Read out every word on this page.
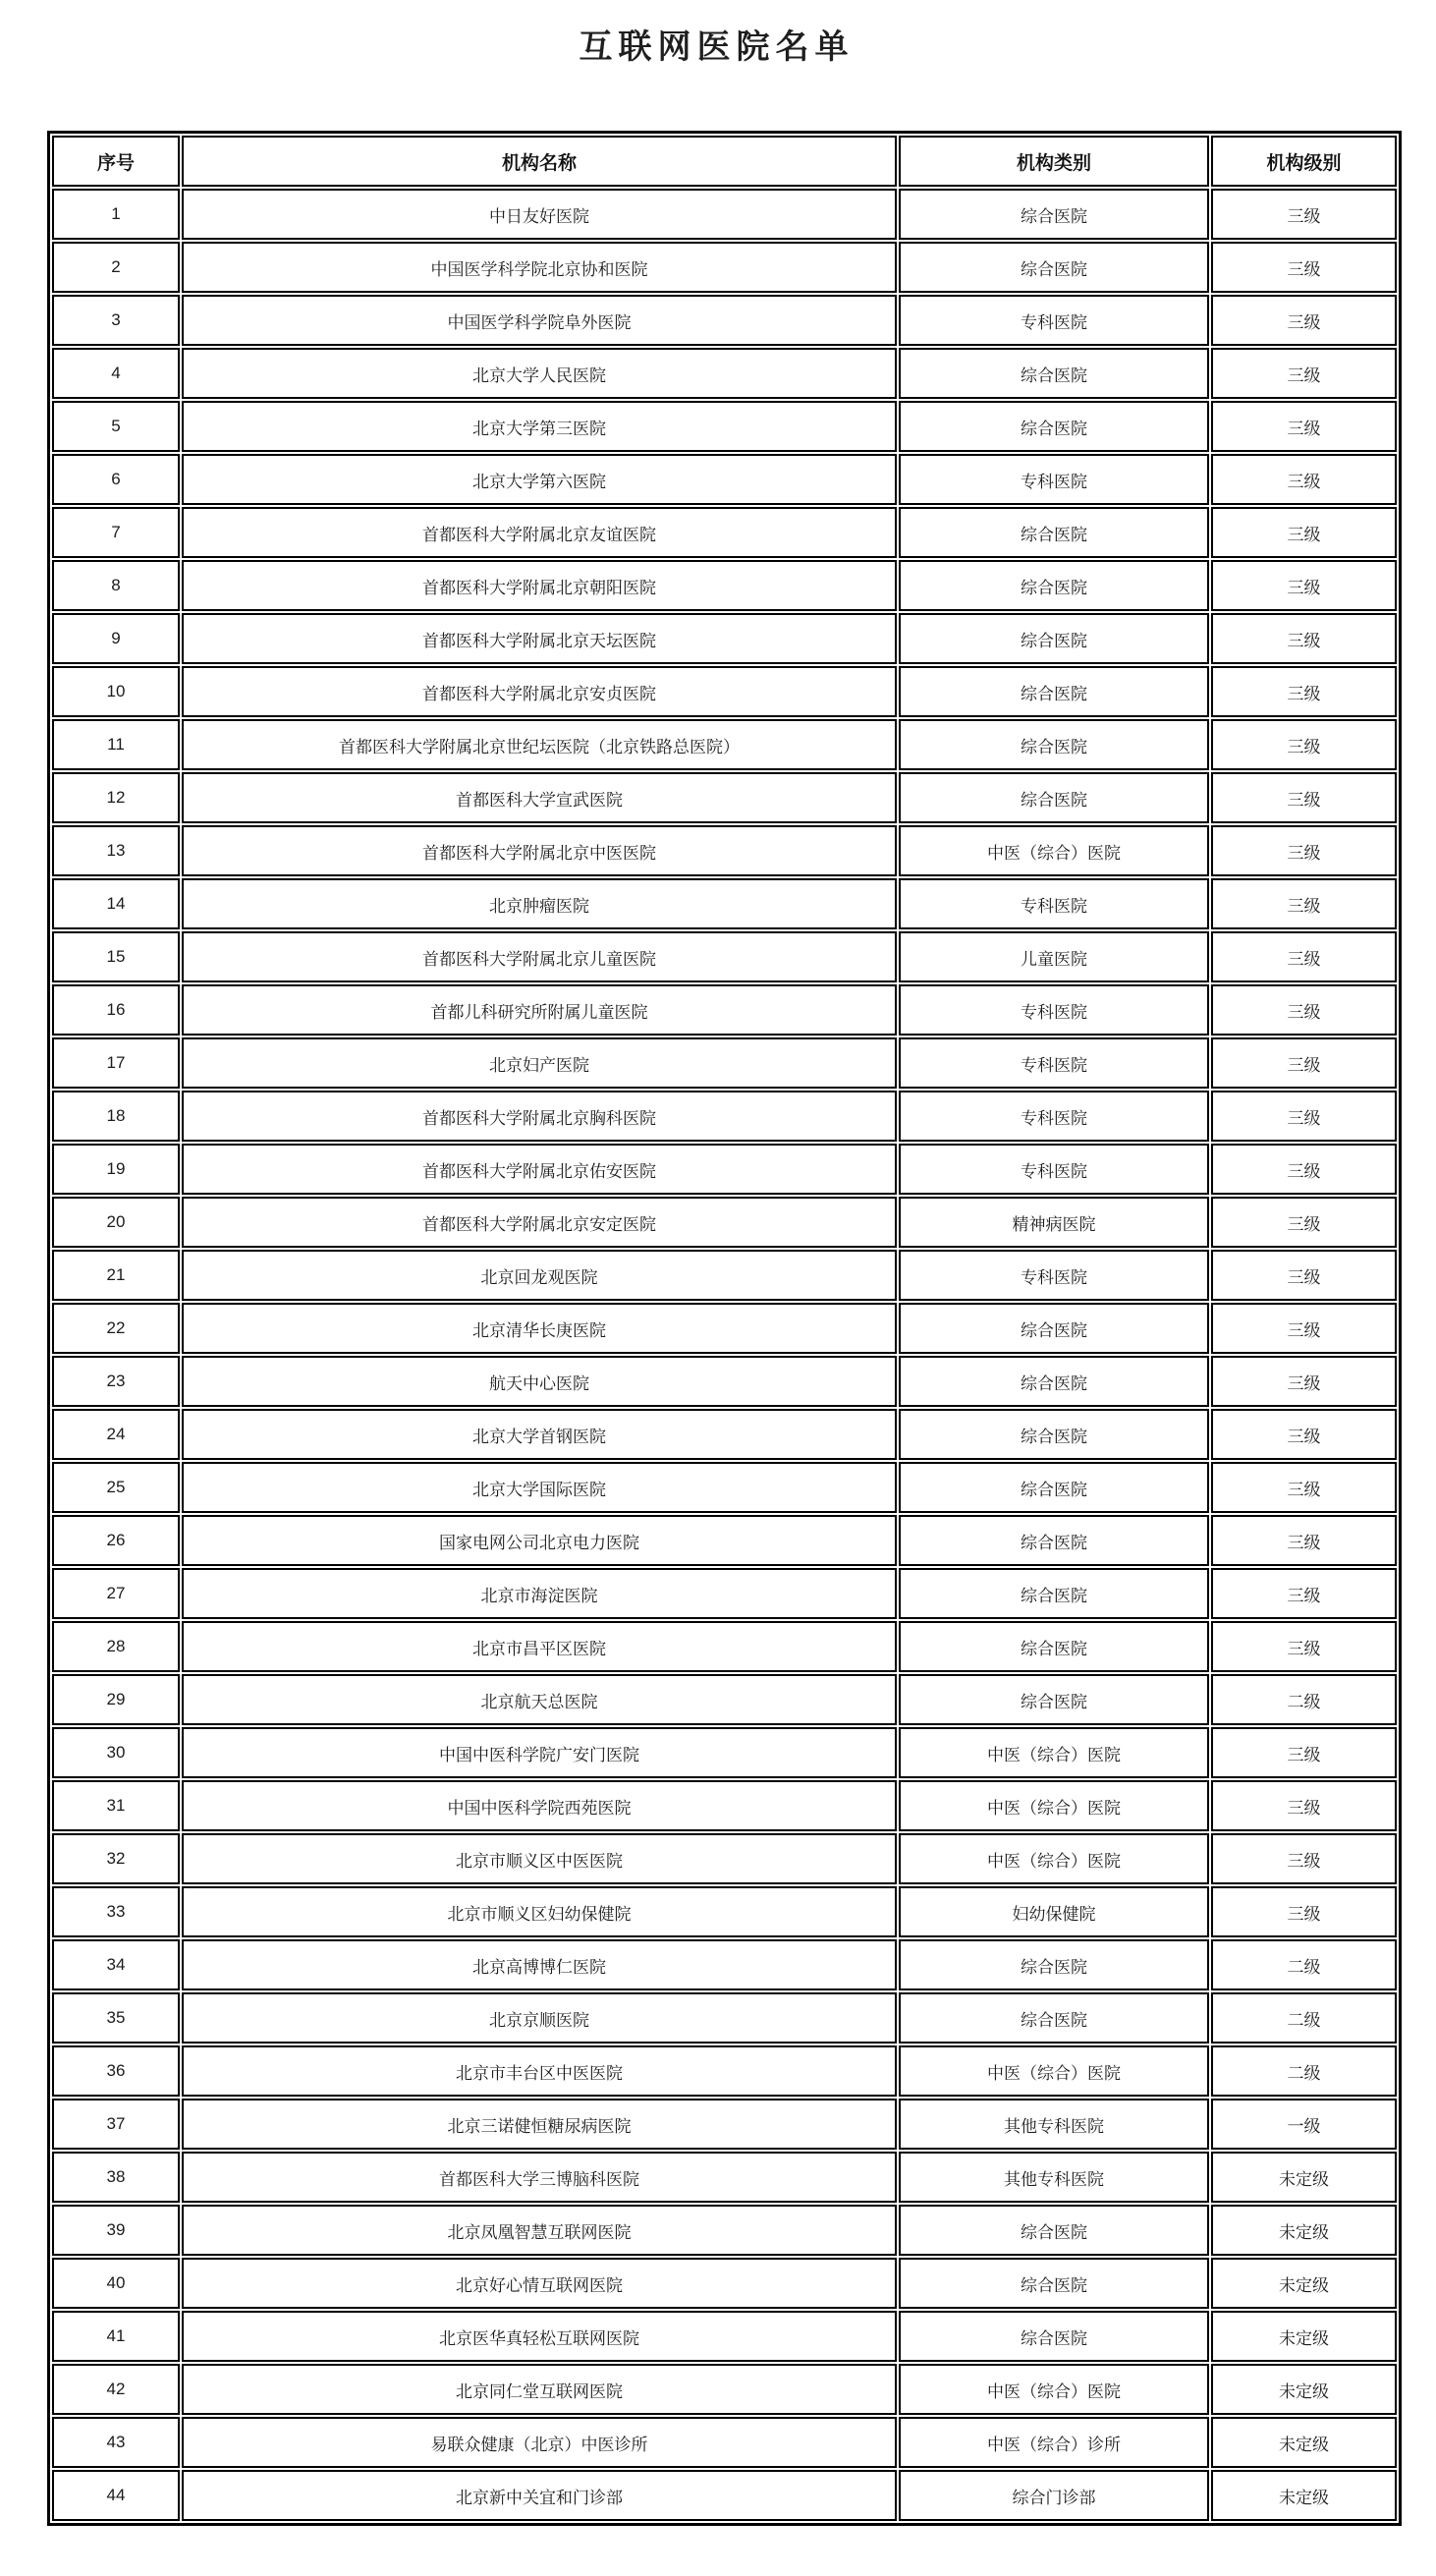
互联网医院名单
序号	机构名称	机构类别	机构级别
1	中日友好医院	综合医院	三级
2	中国医学科学院北京协和医院	综合医院	三级
3	中国医学科学院阜外医院	专科医院	三级
4	北京大学人民医院	综合医院	三级
5	北京大学第三医院	综合医院	三级
6	北京大学第六医院	专科医院	三级
7	首都医科大学附属北京友谊医院	综合医院	三级
8	首都医科大学附属北京朝阳医院	综合医院	三级
9	首都医科大学附属北京天坛医院	综合医院	三级
10	首都医科大学附属北京安贞医院	综合医院	三级
11	首都医科大学附属北京世纪坛医院（北京铁路总医院）	综合医院	三级
12	首都医科大学宣武医院	综合医院	三级
13	首都医科大学附属北京中医医院	中医（综合）医院	三级
14	北京肿瘤医院	专科医院	三级
15	首都医科大学附属北京儿童医院	儿童医院	三级
16	首都儿科研究所附属儿童医院	专科医院	三级
17	北京妇产医院	专科医院	三级
18	首都医科大学附属北京胸科医院	专科医院	三级
19	首都医科大学附属北京佑安医院	专科医院	三级
20	首都医科大学附属北京安定医院	精神病医院	三级
21	北京回龙观医院	专科医院	三级
22	北京清华长庚医院	综合医院	三级
23	航天中心医院	综合医院	三级
24	北京大学首钢医院	综合医院	三级
25	北京大学国际医院	综合医院	三级
26	国家电网公司北京电力医院	综合医院	三级
27	北京市海淀医院	综合医院	三级
28	北京市昌平区医院	综合医院	三级
29	北京航天总医院	综合医院	二级
30	中国中医科学院广安门医院	中医（综合）医院	三级
31	中国中医科学院西苑医院	中医（综合）医院	三级
32	北京市顺义区中医医院	中医（综合）医院	三级
33	北京市顺义区妇幼保健院	妇幼保健院	三级
34	北京高博博仁医院	综合医院	二级
35	北京京顺医院	综合医院	二级
36	北京市丰台区中医医院	中医（综合）医院	二级
37	北京三诺健恒糖尿病医院	其他专科医院	一级
38	首都医科大学三博脑科医院	其他专科医院	未定级
39	北京凤凰智慧互联网医院	综合医院	未定级
40	北京好心情互联网医院	综合医院	未定级
41	北京医华真轻松互联网医院	综合医院	未定级
42	北京同仁堂互联网医院	中医（综合）医院	未定级
43	易联众健康（北京）中医诊所	中医（综合）诊所	未定级
44	北京新中关宜和门诊部	综合门诊部	未定级
